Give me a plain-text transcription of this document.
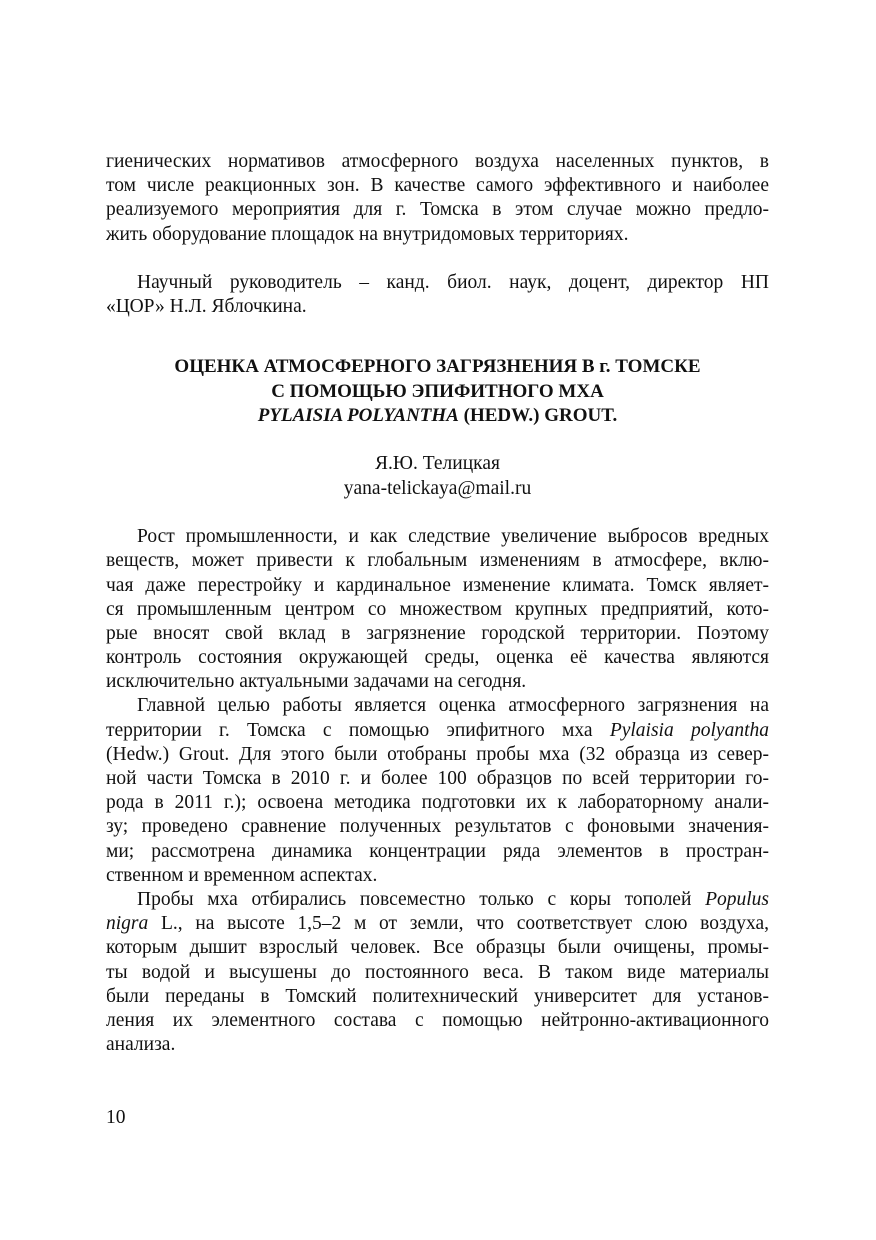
гиенических нормативов атмосферного воздуха населенных пунктов, в
том числе реакционных зон. В качестве самого эффективного и наиболее
реализуемого мероприятия для г. Томска в этом случае можно предло-
жить оборудование площадок на внутридомовых территориях.

Научный руководитель – канд. биол. наук, доцент, директор НП
«ЦОР» Н.Л. Яблочкина.

ОЦЕНКА АТМОСФЕРНОГО ЗАГРЯЗНЕНИЯ В г. ТОМСКЕ
С ПОМОЩЬЮ ЭПИФИТНОГО МХА
PYLAISIA POLYANTHA (HEDW.) GROUT.
Я.Ю. Телицкая
yana-telickaya@mail.ru

Рост промышленности, и как следствие увеличение выбросов вредных
веществ, может привести к глобальным изменениям в атмосфере, вклю-
чая даже перестройку и кардинальное изменение климата. Томск являет-
ся промышленным центром со множеством крупных предприятий, кото-
рые вносят свой вклад в загрязнение городской территории. Поэтому
контроль состояния окружающей среды, оценка её качества являются
исключительно актуальными задачами на сегодня.

Главной целью работы является оценка атмосферного загрязнения на
территории г. Томска с помощью эпифитного мха Pylaisia polyantha
(Hedw.) Grout. Для этого были отобраны пробы мха (32 образца из север-
ной части Томска в 2010 г. и более 100 образцов по всей территории го-
рода в 2011 г.); освоена методика подготовки их к лабораторному анали-
зу; проведено сравнение полученных результатов с фоновыми значения-
ми; рассмотрена динамика концентрации ряда элементов в простран-
ственном и временном аспектах.

Пробы мха отбирались повсеместно только с коры тополей Populus
nigra L., на высоте 1,5–2 м от земли, что соответствует слою воздуха,
которым дышит взрослый человек. Все образцы были очищены, промы-
ты водой и высушены до постоянного веса. В таком виде материалы
были переданы в Томский политехнический университет для установ-
ления их элементного состава с помощью нейтронно-активационного
анализа.

10
